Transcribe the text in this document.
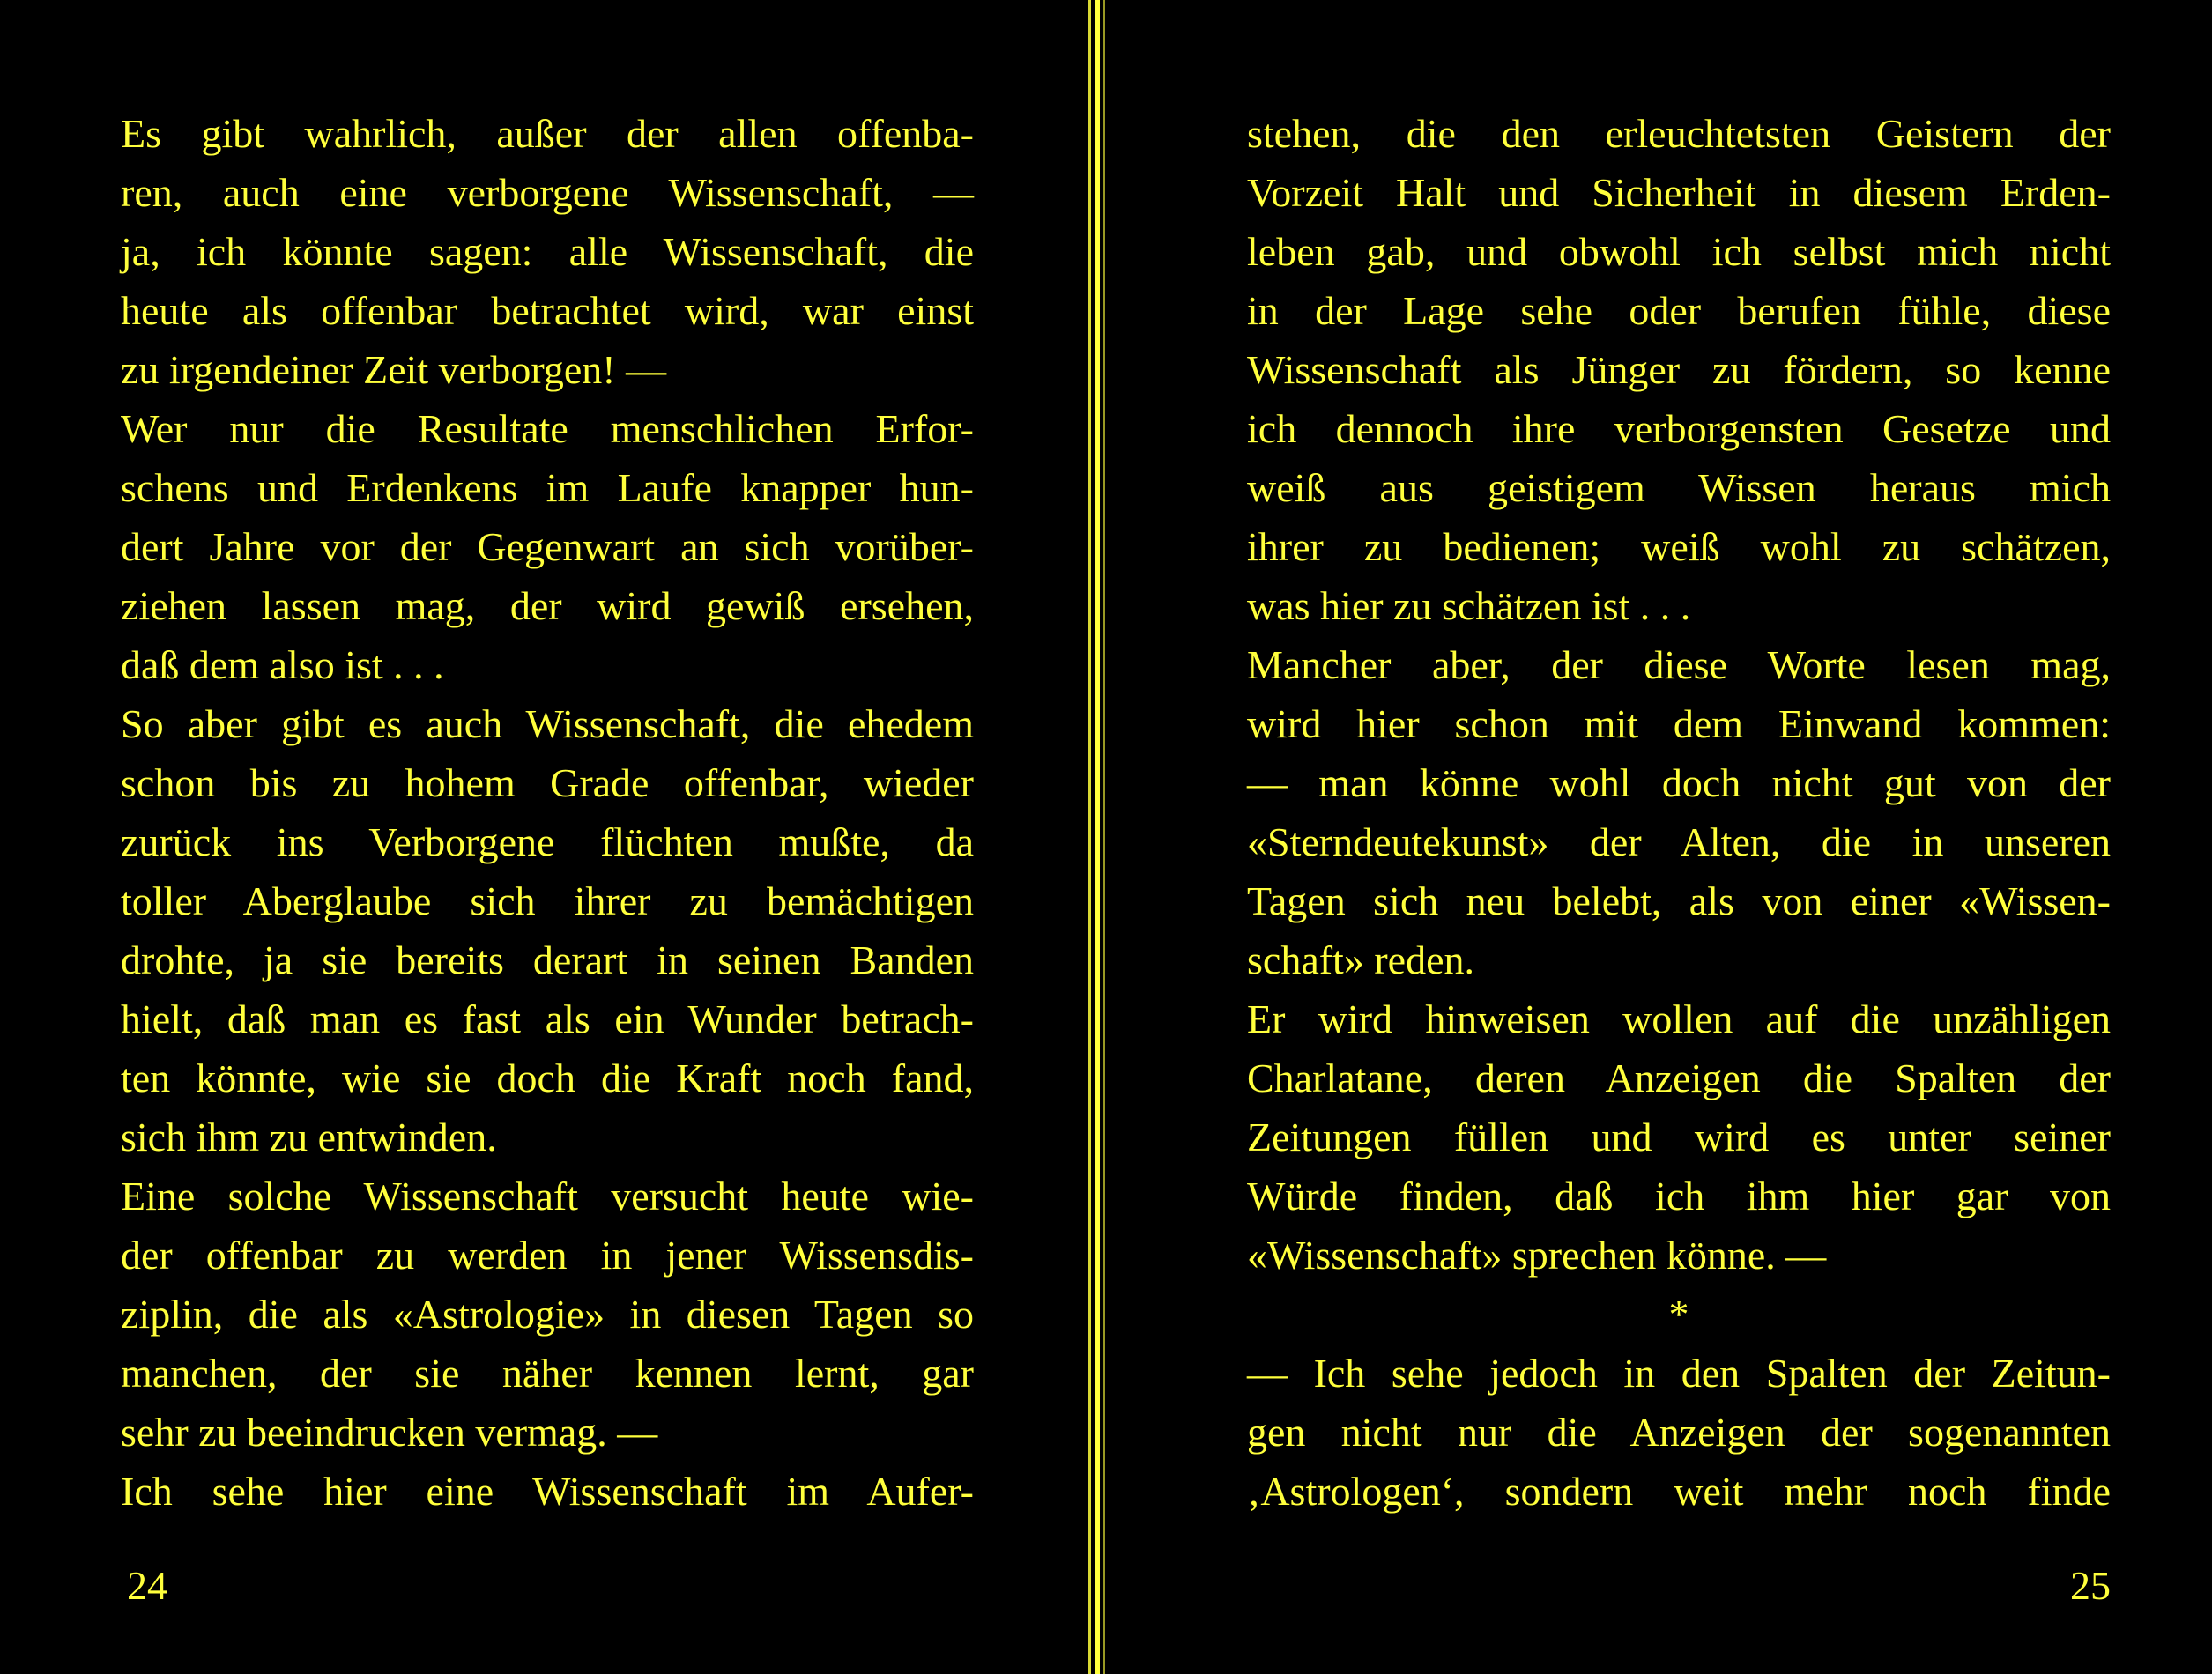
Es gibt wahrlich, außer der allen offenba-
ren, auch eine verborgene Wissenschaft, —
ja, ich könnte sagen: alle Wissenschaft, die
heute als offenbar betrachtet wird, war einst
zu irgendeiner Zeit verborgen! —
Wer nur die Resultate menschlichen Erfor-
schens und Erdenkens im Laufe knapper hun-
dert Jahre vor der Gegenwart an sich vorüber-
ziehen lassen mag, der wird gewiß ersehen,
daß dem also ist . . .
So aber gibt es auch Wissenschaft, die ehedem
schon bis zu hohem Grade offenbar, wieder
zurück ins Verborgene flüchten mußte, da
toller Aberglaube sich ihrer zu bemächtigen
drohte, ja sie bereits derart in seinen Banden
hielt, daß man es fast als ein Wunder betrach-
ten könnte, wie sie doch die Kraft noch fand,
sich ihm zu entwinden.
Eine solche Wissenschaft versucht heute wie-
der offenbar zu werden in jener Wissensdis-
ziplin, die als «Astrologie» in diesen Tagen so
manchen, der sie näher kennen lernt, gar
sehr zu beeindrucken vermag. —
Ich sehe hier eine Wissenschaft im Aufer-
24
stehen, die den erleuchtetsten Geistern der
Vorzeit Halt und Sicherheit in diesem Erden-
leben gab, und obwohl ich selbst mich nicht
in der Lage sehe oder berufen fühle, diese
Wissenschaft als Jünger zu fördern, so kenne
ich dennoch ihre verborgensten Gesetze und
weiß aus geistigem Wissen heraus mich
ihrer zu bedienen; weiß wohl zu schätzen,
was hier zu schätzen ist . . .
Mancher aber, der diese Worte lesen mag,
wird hier schon mit dem Einwand kommen:
— man könne wohl doch nicht gut von der
«Sterndeutekunst» der Alten, die in unseren
Tagen sich neu belebt, als von einer «Wissen-
schaft» reden.
Er wird hinweisen wollen auf die unzähligen
Charlatane, deren Anzeigen die Spalten der
Zeitungen füllen und wird es unter seiner
Würde finden, daß ich ihm hier gar von
«Wissenschaft» sprechen könne. —
*
— Ich sehe jedoch in den Spalten der Zeitun-
gen nicht nur die Anzeigen der sogenannten
‚Astrologen‘, sondern weit mehr noch finde
25
